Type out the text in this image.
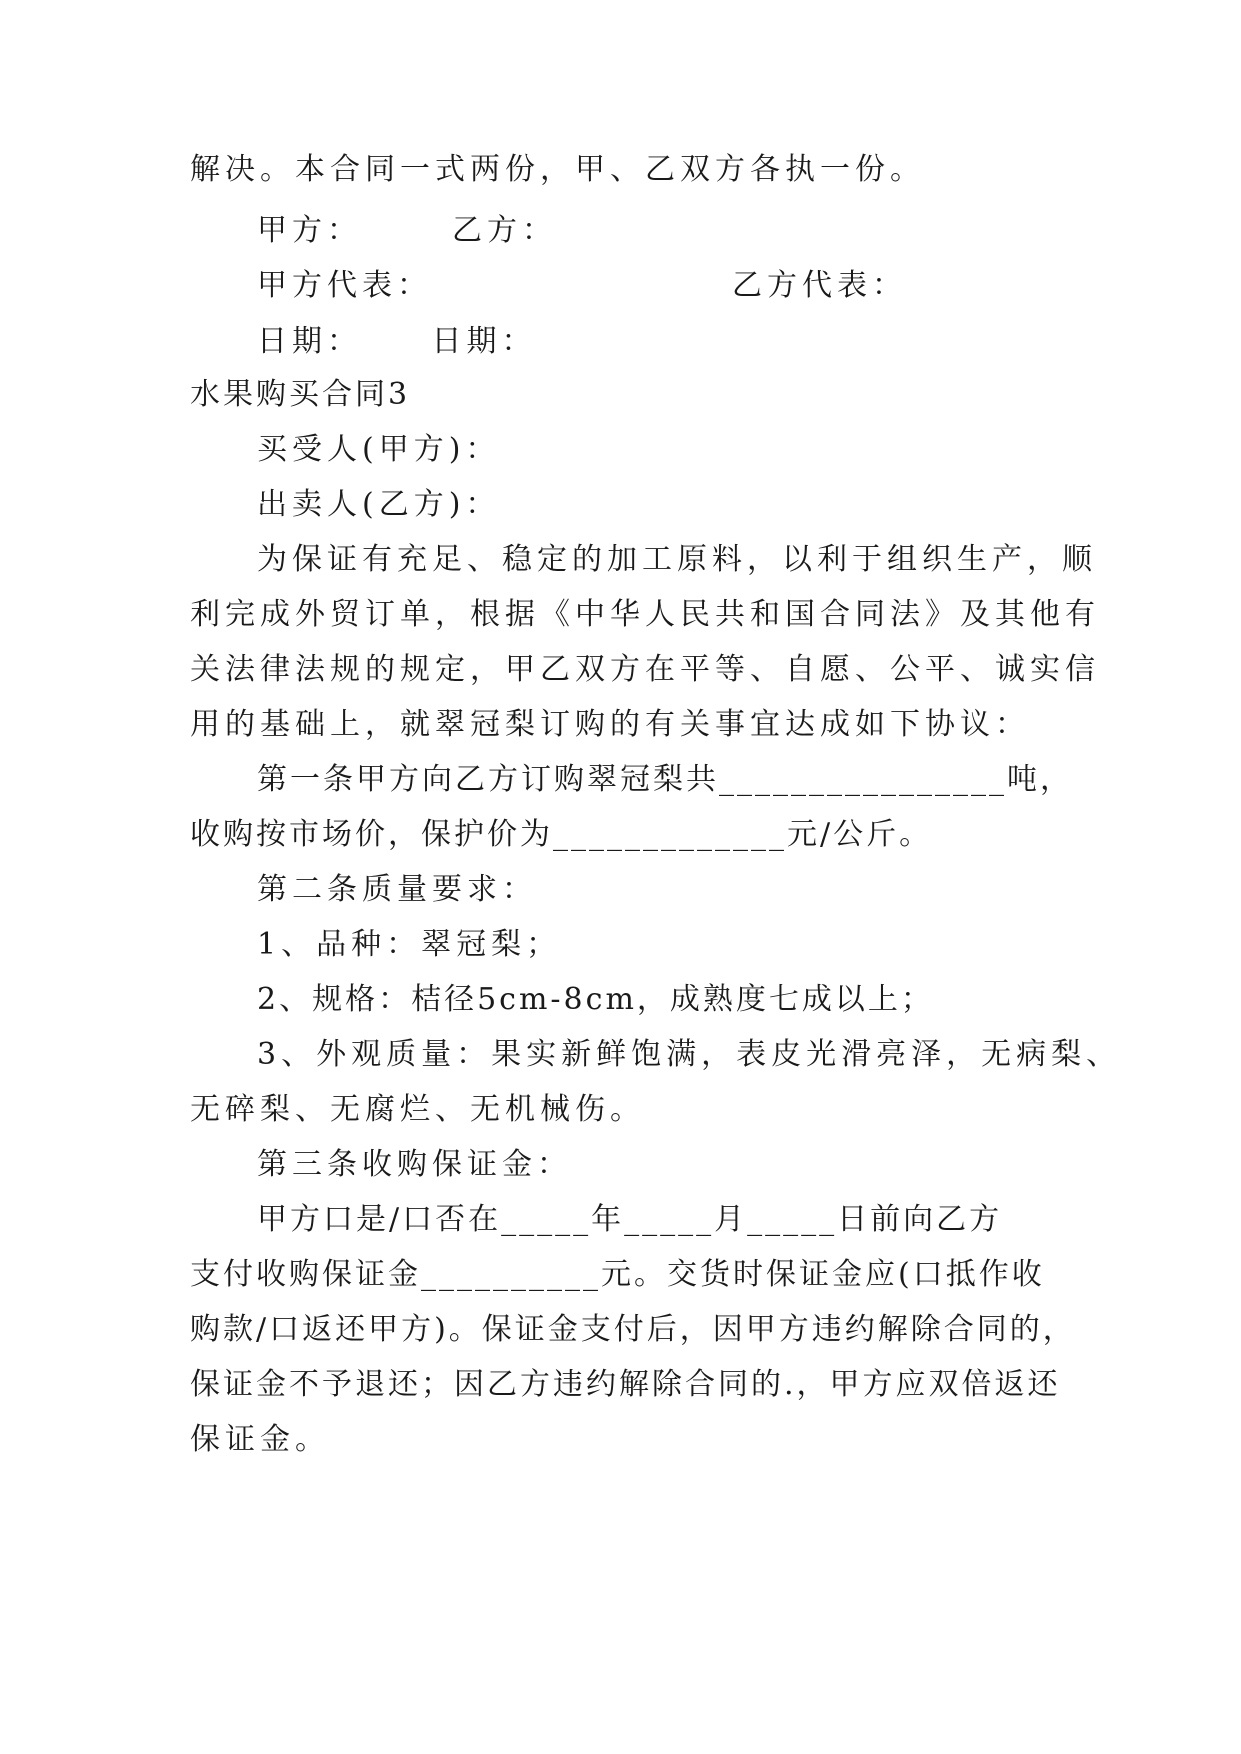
解决。本合同一式两份，甲、乙双方各执一份。
甲方：　　　乙方：
甲方代表：　　　　　　　　　乙方代表：
日期：　　 日期：
水果购买合同3
买受人(甲方)：
出卖人(乙方)：
为保证有充足、稳定的加工原料，以利于组织生产，顺
利完成外贸订单，根据《中华人民共和国合同法》及其他有
关法律法规的规定，甲乙双方在平等、自愿、公平、诚实信
用的基础上，就翠冠梨订购的有关事宜达成如下协议：
第一条甲方向乙方订购翠冠梨共________________吨，
收购按市场价，保护价为_____________元/公斤。
第二条质量要求：
1、品种：翠冠梨；
2、规格：桔径5cm-8cm，成熟度七成以上；
3、外观质量：果实新鲜饱满，表皮光滑亮泽，无病梨、
无碎梨、无腐烂、无机械伤。
第三条收购保证金：
甲方口是/口否在_____年_____月_____日前向乙方
支付收购保证金__________元。交货时保证金应(口抵作收
购款/口返还甲方)。保证金支付后，因甲方违约解除合同的，
保证金不予退还；因乙方违约解除合同的.，甲方应双倍返还
保证金。
